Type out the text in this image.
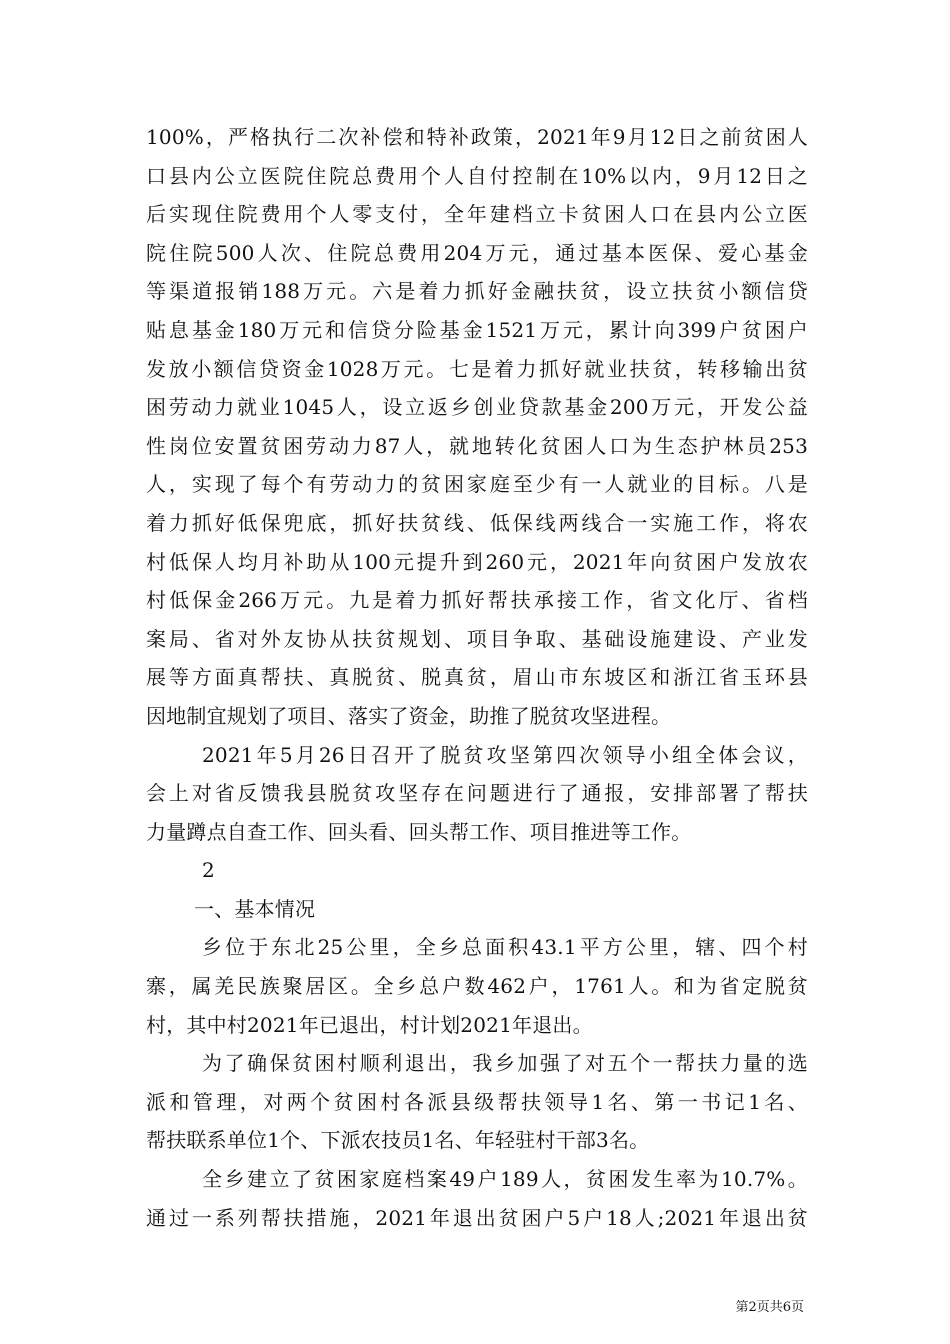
100%，严格执行二次补偿和特补政策，2021年9月12日之前贫困人
口县内公立医院住院总费用个人自付控制在10%以内，9月12日之
后实现住院费用个人零支付，全年建档立卡贫困人口在县内公立医
院住院500人次、住院总费用204万元，通过基本医保、爱心基金
等渠道报销188万元。六是着力抓好金融扶贫，设立扶贫小额信贷
贴息基金180万元和信贷分险基金1521万元，累计向399户贫困户
发放小额信贷资金1028万元。七是着力抓好就业扶贫，转移输出贫
困劳动力就业1045人，设立返乡创业贷款基金200万元，开发公益
性岗位安置贫困劳动力87人，就地转化贫困人口为生态护林员253
人，实现了每个有劳动力的贫困家庭至少有一人就业的目标。八是
着力抓好低保兜底，抓好扶贫线、低保线两线合一实施工作，将农
村低保人均月补助从100元提升到260元，2021年向贫困户发放农
村低保金266万元。九是着力抓好帮扶承接工作，省文化厅、省档
案局、省对外友协从扶贫规划、项目争取、基础设施建设、产业发
展等方面真帮扶、真脱贫、脱真贫，眉山市东坡区和浙江省玉环县
因地制宜规划了项目、落实了资金，助推了脱贫攻坚进程。
2021年5月26日召开了脱贫攻坚第四次领导小组全体会议，
会上对省反馈我县脱贫攻坚存在问题进行了通报，安排部署了帮扶
力量蹲点自查工作、回头看、回头帮工作、项目推进等工作。
2
一、基本情况
乡位于东北25公里，全乡总面积43.1平方公里，辖、四个村
寨，属羌民族聚居区。全乡总户数462户，1761人。和为省定脱贫
村，其中村2021年已退出，村计划2021年退出。
为了确保贫困村顺利退出，我乡加强了对五个一帮扶力量的选
派和管理，对两个贫困村各派县级帮扶领导1名、第一书记1名、
帮扶联系单位1个、下派农技员1名、年轻驻村干部3名。
全乡建立了贫困家庭档案49户189人，贫困发生率为10.7%。
通过一系列帮扶措施，2021年退出贫困户5户18人;2021年退出贫
第2页共6页
